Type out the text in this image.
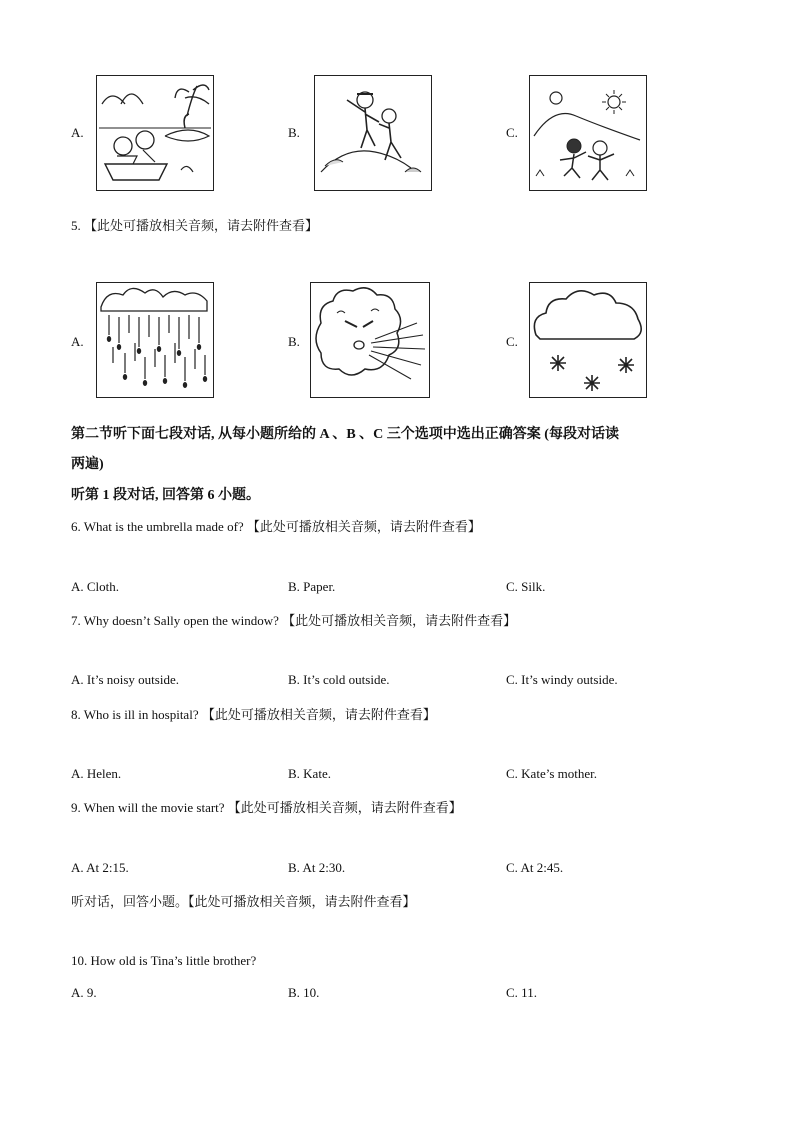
A.	B.	C.
5. 【此处可播放相关音频，请去附件查看】
A.	B.	C.
第二节听下面七段对话, 从每小题所给的 A 、B 、C 三个选项中选出正确答案 (每段对话读
两遍)
听第 1 段对话, 回答第 6 小题。
6. What is the umbrella made of? 【此处可播放相关音频，请去附件查看】
A. Cloth.	B. Paper.	C. Silk.
7. Why doesn’t Sally open the window? 【此处可播放相关音频，请去附件查看】
A. It’s noisy outside.	B. It’s cold outside.	C. It’s windy outside.
8. Who is ill in hospital? 【此处可播放相关音频，请去附件查看】
A. Helen.	B. Kate.	C. Kate’s mother.
9. When will the movie start? 【此处可播放相关音频，请去附件查看】
A. At 2:15.	B. At 2:30.	C. At 2:45.
听对话，回答小题。【此处可播放相关音频，请去附件查看】
10. How old is Tina’s little brother?
A. 9.	B. 10.	C. 11.
